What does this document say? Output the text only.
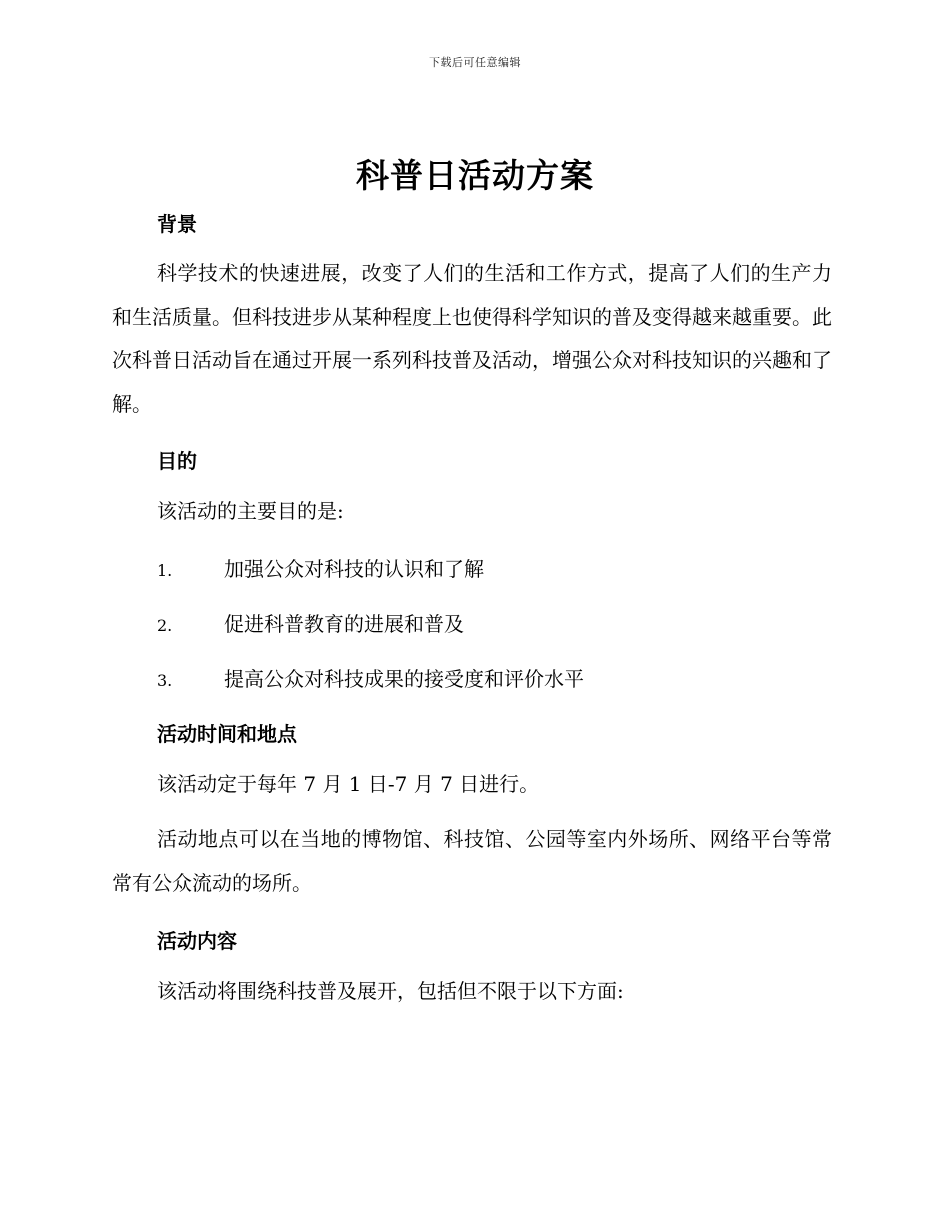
下载后可任意编辑
科普日活动方案
背景

科学技术的快速进展，改变了人们的生活和工作方式，提高了人们的生产力和生活质量。但科技进步从某种程度上也使得科学知识的普及变得越来越重要。此次科普日活动旨在通过开展一系列科技普及活动，增强公众对科技知识的兴趣和了解。

目的

该活动的主要目的是:

1.	加强公众对科技的认识和了解
2.	促进科普教育的进展和普及
3.	提高公众对科技成果的接受度和评价水平
活动时间和地点

该活动定于每年 7 月 1 日-7 月 7 日进行。

活动地点可以在当地的博物馆、科技馆、公园等室内外场所、网络平台等常常有公众流动的场所。

活动内容

该活动将围绕科技普及展开，包括但不限于以下方面:
